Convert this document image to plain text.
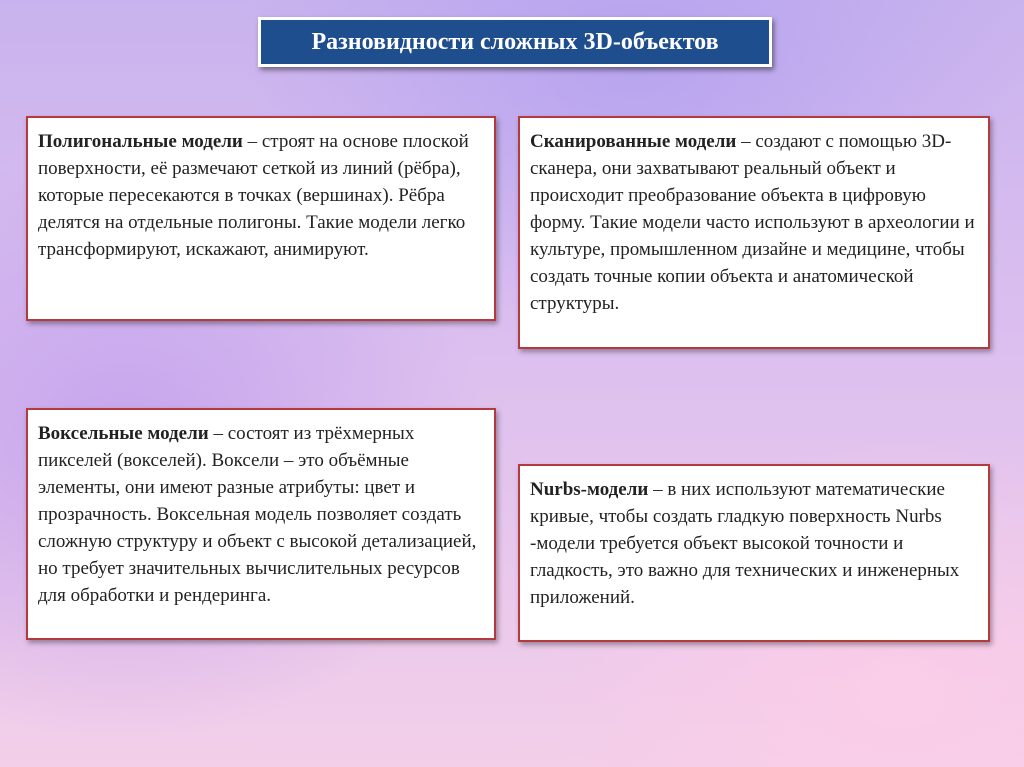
Разновидности сложных 3D-объектов
Полигональные модели – строят на основе плоской поверхности, её размечают сеткой из линий (рёбра), которые пересекаются в точках (вершинах). Рёбра делятся на отдельные полигоны. Такие модели легко трансформируют, искажают, анимируют.
Сканированные модели – создают с помощью 3D-сканера, они захватывают реальный объект и происходит преобразование объекта в цифровую форму. Такие модели часто используют в археологии и культуре, промышленном дизайне и медицине, чтобы создать точные копии объекта и анатомической структуры.
Воксельные модели – состоят из трёхмерных пикселей (вокселей). Воксели – это объёмные элементы, они имеют разные атрибуты: цвет и прозрачность. Воксельная модель позволяет создать сложную структуру и объект с высокой детализацией, но требует значительных вычислительных ресурсов для обработки и рендеринга.
Nurbs-модели – в них используют математические кривые, чтобы создать гладкую поверхность Nurbs -модели требуется объект высокой точности и гладкость, это важно для технических и инженерных приложений.
